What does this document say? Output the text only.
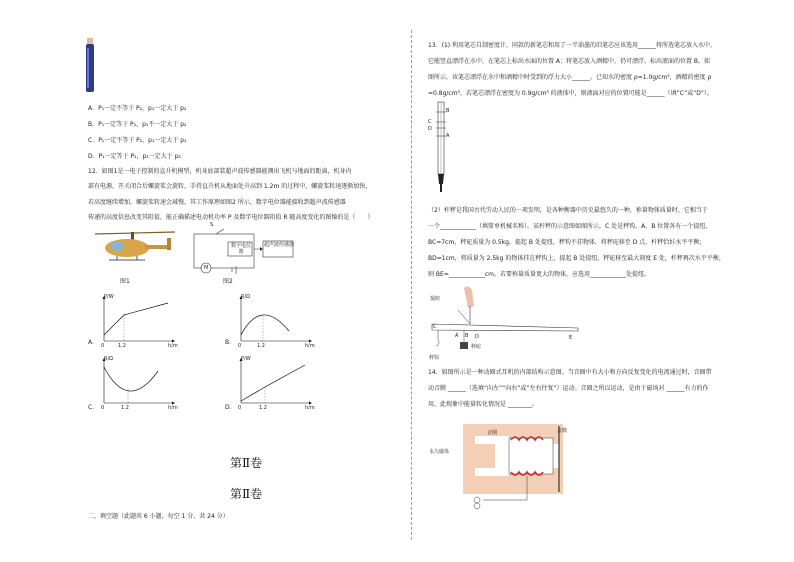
A．P₁一定不等于 P₂，p₁一定大于 p₂
B．P₁一定等于 P₂，p₁不一定大于 p₂
C．P₁一定不等于 P₂，p₁一定大于 p₂
D．P₁一定等于 P₂，p₁一定大于 p₂
12．如图1是一电子控制的直升机模型，机身底部装超声波传感器能测出飞机与地面的距离，机身内
部有电源，开关闭合后螺旋桨会旋转，手持直升机从地面处升高到 1.2m 的过程中，螺旋桨转速逐渐加快，
若高度继续增加，螺旋桨转速会减慢，其工作原理如图2 所示，数字电位器能接收到超声波传感器
传递的高度信息改变其阻值，能正确描述电动机功率 P 及数字电位器阻值 R 随高度变化的图像的是（　　）
图1
S
数字电位器
超声波传感器
M
图2
A．
P/W
0	1.2	h/m	B．
R/Ω
0	1.2	h/m
C．
R/Ω
0	1.2	h/m	D．
P/W
0	1.2	h/m
第Ⅱ卷
第Ⅱ卷
二、填空题（此题共 6 小题，每空 1 分，共 24 分）
13．(1) 利用笔芯自制密度计，同款的新笔芯和用了一半油墨的旧笔芯应该选用______将所选笔芯放入水中，
它能竖直漂浮在水中，在笔芯上标出水面的位置 A；将笔芯放入酒精中，仍可漂浮，标出液面的位置 B。如
图所示，该笔芯漂浮在水中和酒精中时受到的浮力大小______。已知水的密度 ρ=1.0g/cm³，酒精的密度 ρ
=0.8g/cm³，若笔芯漂浮在密度为 0.9g/cm³ 的液体中，则液面对应的位置可能是______（填“C”或“D”）。
B
C
D
A
（2）杆秤是我国古代劳动人民的一项发明，是各种衡器中历史最悠久的一种，称量物体质量时，它相当于
一个____________（填简单机械名称）。某杆秤的示意图如图所示，C 处是秤钩，A、B 位置各有一个提纽，
BC=7cm，秤砣质量为 0.5kg，提起 B 处提纽，秤钩不挂物体，将秤砣移至 D 点，杆秤恰好水平平衡；
BD=1cm，将质量为 2.5kg 的物体挂在秤钩上，提起 B 处提纽，秤砣移至最大刻度 E 处，杆秤再次水平平衡，
则 BE=____________cm。若要称量质量更大的物体，应选用____________处提纽。
提纽
秤砣
秤钩
C
A B D	E
14．如图所示是一种动圈式耳机的内部结构示意图。当音圈中有大小和方向反复变化的电流通过时，音圈带
动音膜 ______（选填“向左”“向右”或“左右往复”）运动。音圈之所以运动，是由于磁场对 ______有力的作
用，此现象中能量转化情况是 ________。
音圈	音膜
永久磁体
